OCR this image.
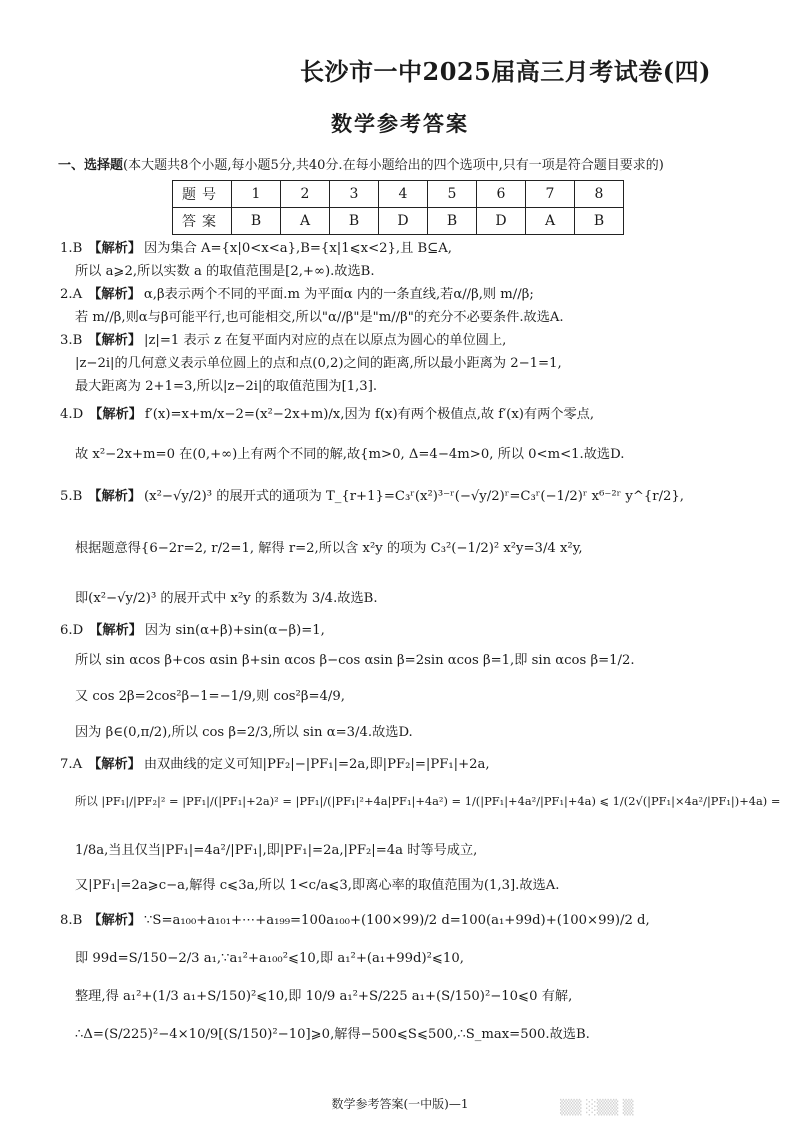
长沙市一中2025届高三月考试卷(四)
数学参考答案
一、选择题(本大题共8个小题,每小题5分,共40分.在每小题给出的四个选项中,只有一项是符合题目要求的)
题号	1	2	3	4	5	6	7	8
答案	B	A	B	D	B	D	A	B
1.B 【解析】 因为集合 A={x|0<x<a},B={x|1⩽x<2},且 B⊆A,
所以 a⩾2,所以实数 a 的取值范围是[2,+∞).故选B.
2.A 【解析】 α,β表示两个不同的平面.m 为平面α 内的一条直线,若α//β,则 m//β;
若 m//β,则α与β可能平行,也可能相交,所以"α//β"是"m//β"的充分不必要条件.故选A.
3.B 【解析】 |z|=1 表示 z 在复平面内对应的点在以原点为圆心的单位圆上,
|z−2i|的几何意义表示单位圆上的点和点(0,2)之间的距离,所以最小距离为 2−1=1,
最大距离为 2+1=3,所以|z−2i|的取值范围为[1,3].
4.D 【解析】 f′(x)=x+m/x−2=(x²−2x+m)/x,因为 f(x)有两个极值点,故 f′(x)有两个零点,
故 x²−2x+m=0 在(0,+∞)上有两个不同的解,故{m>0, Δ=4−4m>0, 所以 0<m<1.故选D.
5.B 【解析】 (x²−√y/2)³ 的展开式的通项为 T_{r+1}=C₃ʳ(x²)³⁻ʳ(−√y/2)ʳ=C₃ʳ(−1/2)ʳ x⁶⁻²ʳ y^{r/2},
根据题意得{6−2r=2, r/2=1, 解得 r=2,所以含 x²y 的项为 C₃²(−1/2)² x²y=3/4 x²y,
即(x²−√y/2)³ 的展开式中 x²y 的系数为 3/4.故选B.
6.D 【解析】 因为 sin(α+β)+sin(α−β)=1,
所以 sin αcos β+cos αsin β+sin αcos β−cos αsin β=2sin αcos β=1,即 sin αcos β=1/2.
又 cos 2β=2cos²β−1=−1/9,则 cos²β=4/9,
因为 β∈(0,π/2),所以 cos β=2/3,所以 sin α=3/4.故选D.
7.A 【解析】 由双曲线的定义可知|PF₂|−|PF₁|=2a,即|PF₂|=|PF₁|+2a,
所以 |PF₁|/|PF₂|² = |PF₁|/(|PF₁|+2a)² = |PF₁|/(|PF₁|²+4a|PF₁|+4a²) = 1/(|PF₁|+4a²/|PF₁|+4a) ⩽ 1/(2√(|PF₁|×4a²/|PF₁|)+4a) =
1/8a,当且仅当|PF₁|=4a²/|PF₁|,即|PF₁|=2a,|PF₂|=4a 时等号成立,
又|PF₁|=2a⩾c−a,解得 c⩽3a,所以 1<c/a⩽3,即离心率的取值范围为(1,3].故选A.
8.B 【解析】 ∵S=a₁₀₀+a₁₀₁+⋯+a₁₉₉=100a₁₀₀+(100×99)/2 d=100(a₁+99d)+(100×99)/2 d,
即 99d=S/150−2/3 a₁,∵a₁²+a₁₀₀²⩽10,即 a₁²+(a₁+99d)²⩽10,
整理,得 a₁²+(1/3 a₁+S/150)²⩽10,即 10/9 a₁²+S/225 a₁+(S/150)²−10⩽0 有解,
∴Δ=(S/225)²−4×10/9[(S/150)²−10]⩾0,解得−500⩽S⩽500,∴S_max=500.故选B.
数学参考答案(一中版)—1	▒▒ ░▒▒ ▒
